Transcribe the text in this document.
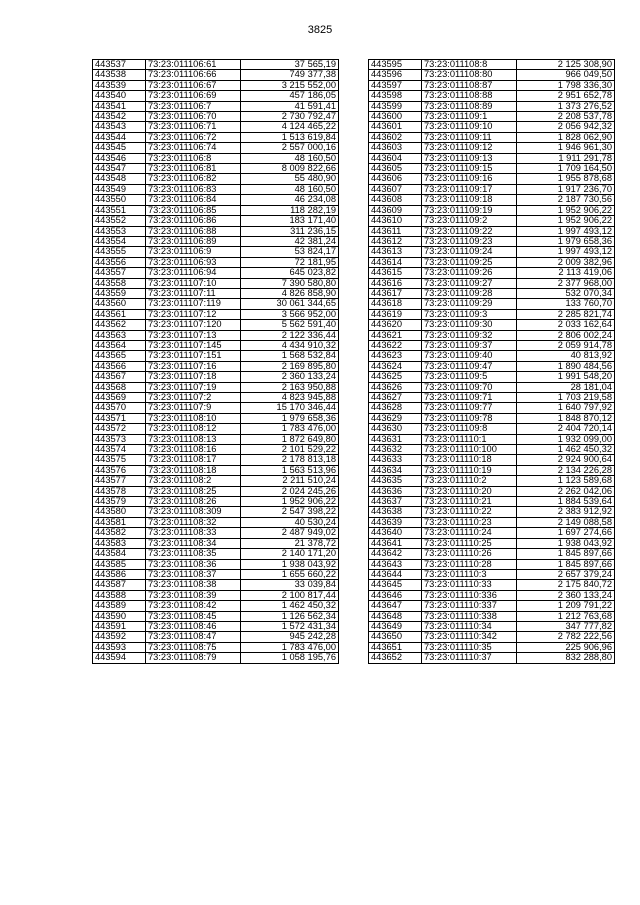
3825
443537	73:23:011106:61	37 565,19
443538	73:23:011106:66	749 377,38
443539	73:23:011106:67	3 215 552,00
443540	73:23:011106:69	457 186,05
443541	73:23:011106:7	41 591,41
443542	73:23:011106:70	2 730 792,47
443543	73:23:011106:71	4 124 465,22
443544	73:23:011106:72	1 513 619,84
443545	73:23:011106:74	2 557 000,16
443546	73:23:011106:8	48 160,50
443547	73:23:011106:81	8 009 822,66
443548	73:23:011106:82	55 480,90
443549	73:23:011106:83	48 160,50
443550	73:23:011106:84	46 234,08
443551	73:23:011106:85	118 282,19
443552	73:23:011106:86	183 171,40
443553	73:23:011106:88	311 236,15
443554	73:23:011106:89	42 381,24
443555	73:23:011106:9	53 824,17
443556	73:23:011106:93	72 181,95
443557	73:23:011106:94	645 023,82
443558	73:23:011107:10	7 390 580,80
443559	73:23:011107:11	4 826 858,90
443560	73:23:011107:119	30 061 344,65
443561	73:23:011107:12	3 566 952,00
443562	73:23:011107:120	5 562 591,40
443563	73:23:011107:13	2 122 336,44
443564	73:23:011107:145	4 434 910,32
443565	73:23:011107:151	1 568 532,84
443566	73:23:011107:16	2 169 895,80
443567	73:23:011107:18	2 360 133,24
443568	73:23:011107:19	2 163 950,88
443569	73:23:011107:2	4 823 945,88
443570	73:23:011107:9	15 170 346,44
443571	73:23:011108:10	1 979 658,36
443572	73:23:011108:12	1 783 476,00
443573	73:23:011108:13	1 872 649,80
443574	73:23:011108:16	2 101 529,22
443575	73:23:011108:17	2 178 813,18
443576	73:23:011108:18	1 563 513,96
443577	73:23:011108:2	2 211 510,24
443578	73:23:011108:25	2 024 245,26
443579	73:23:011108:26	1 952 906,22
443580	73:23:011108:309	2 547 398,22
443581	73:23:011108:32	40 530,24
443582	73:23:011108:33	2 487 949,02
443583	73:23:011108:34	21 378,72
443584	73:23:011108:35	2 140 171,20
443585	73:23:011108:36	1 938 043,92
443586	73:23:011108:37	1 655 660,22
443587	73:23:011108:38	33 039,84
443588	73:23:011108:39	2 100 817,44
443589	73:23:011108:42	1 462 450,32
443590	73:23:011108:45	1 126 562,34
443591	73:23:011108:46	1 572 431,34
443592	73:23:011108:47	945 242,28
443593	73:23:011108:75	1 783 476,00
443594	73:23:011108:79	1 058 195,76
443595	73:23:011108:8	2 125 308,90
443596	73:23:011108:80	966 049,50
443597	73:23:011108:87	1 798 336,30
443598	73:23:011108:88	2 951 652,78
443599	73:23:011108:89	1 373 276,52
443600	73:23:011109:1	2 208 537,78
443601	73:23:011109:10	2 056 942,32
443602	73:23:011109:11	1 828 062,90
443603	73:23:011109:12	1 946 961,30
443604	73:23:011109:13	1 911 291,78
443605	73:23:011109:15	1 709 164,50
443606	73:23:011109:16	1 955 878,68
443607	73:23:011109:17	1 917 236,70
443608	73:23:011109:18	2 187 730,56
443609	73:23:011109:19	1 952 906,22
443610	73:23:011109:2	1 952 906,22
443611	73:23:011109:22	1 997 493,12
443612	73:23:011109:23	1 979 658,36
443613	73:23:011109:24	1 997 493,12
443614	73:23:011109:25	2 009 382,96
443615	73:23:011109:26	2 113 419,06
443616	73:23:011109:27	2 377 968,00
443617	73:23:011109:28	532 070,34
443618	73:23:011109:29	133 760,70
443619	73:23:011109:3	2 285 821,74
443620	73:23:011109:30	2 033 162,64
443621	73:23:011109:32	2 806 002,24
443622	73:23:011109:37	2 059 914,78
443623	73:23:011109:40	40 813,92
443624	73:23:011109:47	1 890 484,56
443625	73:23:011109:5	1 991 548,20
443626	73:23:011109:70	28 181,04
443627	73:23:011109:71	1 703 219,58
443628	73:23:011109:77	1 640 797,92
443629	73:23:011109:78	1 848 870,12
443630	73:23:011109:8	2 404 720,14
443631	73:23:011110:1	1 932 099,00
443632	73:23:011110:100	1 462 450,32
443633	73:23:011110:18	2 924 900,64
443634	73:23:011110:19	2 134 226,28
443635	73:23:011110:2	1 123 589,68
443636	73:23:011110:20	2 262 042,06
443637	73:23:011110:21	1 884 539,64
443638	73:23:011110:22	2 383 912,92
443639	73:23:011110:23	2 149 088,58
443640	73:23:011110:24	1 697 274,66
443641	73:23:011110:25	1 938 043,92
443642	73:23:011110:26	1 845 897,66
443643	73:23:011110:28	1 845 897,66
443644	73:23:011110:3	2 657 379,24
443645	73:23:011110:33	2 175 840,72
443646	73:23:011110:336	2 360 133,24
443647	73:23:011110:337	1 209 791,22
443648	73:23:011110:338	1 212 763,68
443649	73:23:011110:34	347 777,82
443650	73:23:011110:342	2 782 222,56
443651	73:23:011110:35	225 906,96
443652	73:23:011110:37	832 288,80
